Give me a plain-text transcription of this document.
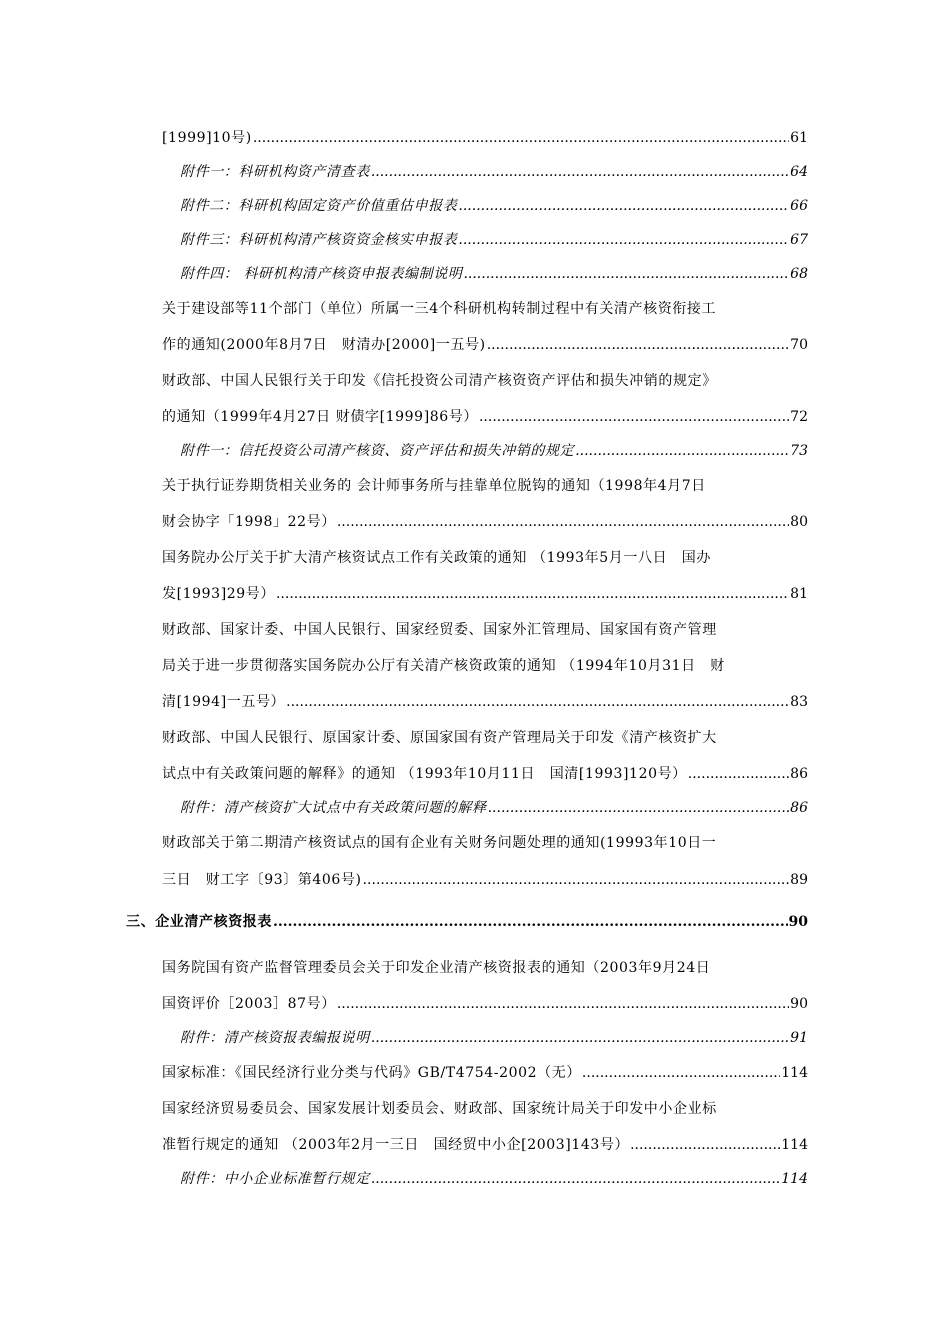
[1999]10号) .....	61
附件一：科研机构资产清查表 .....	64
附件二：科研机构固定资产价值重估申报表 .....	66
附件三：科研机构清产核资资金核实申报表 .....	67
附件四： 科研机构清产核资申报表编制说明 .....	68
关于建设部等11个部门（单位）所属一三4个科研机构转制过程中有关清产核资衔接工
作的通知(2000年8月7日　财清办[2000]一五号) .....	70
财政部、中国人民银行关于印发《信托投资公司清产核资资产评估和损失冲销的规定》
的通知（1999年4月27日 财债字[1999]86号） .....	72
附件一：信托投资公司清产核资、资产评估和损失冲销的规定 .....	73
关于执行证券期货相关业务的 会计师事务所与挂靠单位脱钩的通知（1998年4月7日
财会协字「1998」22号） .....	80
国务院办公厅关于扩大清产核资试点工作有关政策的通知 （1993年5月一八日　国办
发[1993]29号） .....	81
财政部、国家计委、中国人民银行、国家经贸委、国家外汇管理局、国家国有资产管理
局关于进一步贯彻落实国务院办公厅有关清产核资政策的通知 （1994年10月31日　财
清[1994]一五号） .....	83
财政部、中国人民银行、原国家计委、原国家国有资产管理局关于印发《清产核资扩大
试点中有关政策问题的解释》的通知 （1993年10月11日　国清[1993]120号） .....	86
附件：清产核资扩大试点中有关政策问题的解释 .....	86
财政部关于第二期清产核资试点的国有企业有关财务问题处理的通知(19993年10日一
三日　财工字〔93〕第406号) .....	89
三、企业清产核资报表 .....	90
国务院国有资产监督管理委员会关于印发企业清产核资报表的通知（2003年9月24日
国资评价［2003］87号） .....	90
附件：清产核资报表编报说明 .....	91
国家标准：《国民经济行业分类与代码》GB/T4754-2002（无） .....	114
国家经济贸易委员会、国家发展计划委员会、财政部、国家统计局关于印发中小企业标
准暂行规定的通知 （2003年2月一三日　国经贸中小企[2003]143号） .....	114
附件：中小企业标准暂行规定 .....	114
